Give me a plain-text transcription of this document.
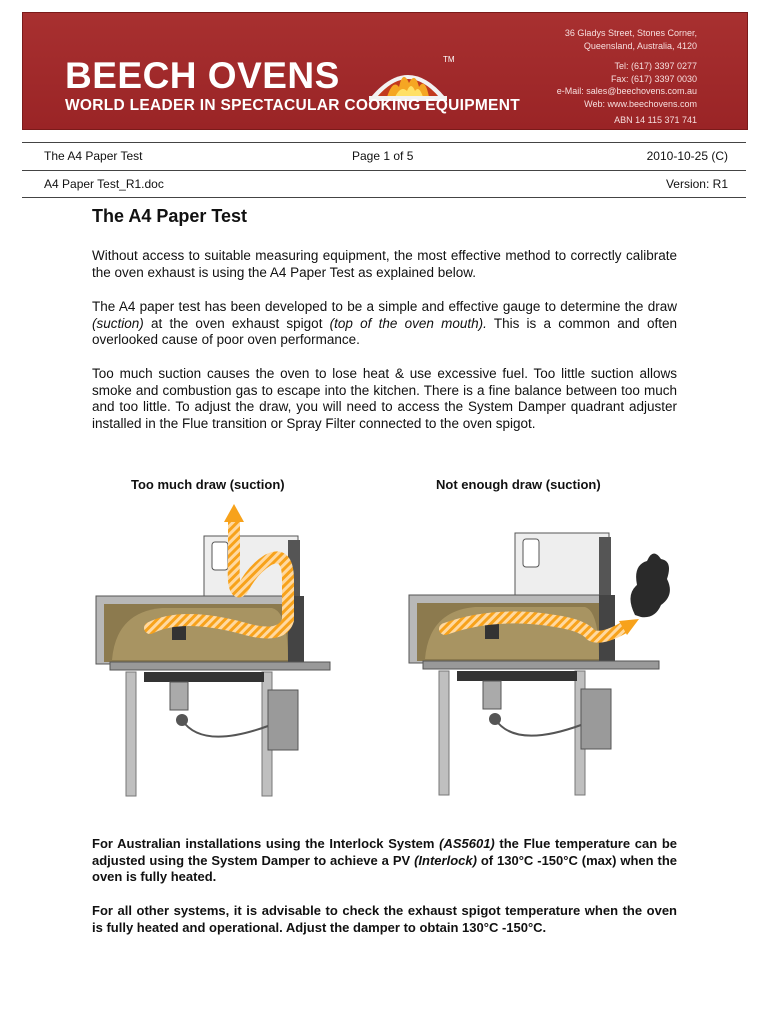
BEECH OVENS	TM
WORLD LEADER IN SPECTACULAR COOKING EQUIPMENT
36 Gladys Street, Stones Corner,
Queensland, Australia, 4120
Tel: (617) 3397 0277
Fax: (617) 3397 0030
e-Mail: sales@beechovens.com.au
Web: www.beechovens.com
ABN 14 115 371 741
The A4 Paper Test	Page 1 of 5	2010-10-25 (C)
A4 Paper Test_R1.doc	Version: R1
The A4 Paper Test

Without access to suitable measuring equipment, the most effective method to correctly calibrate the oven exhaust is using the A4 Paper Test as explained below.

The A4 paper test has been developed to be a simple and effective gauge to determine the draw (suction) at the oven exhaust spigot (top of the oven mouth). This is a common and often overlooked cause of poor oven performance.

Too much suction causes the oven to lose heat & use excessive fuel. Too little suction allows smoke and combustion gas to escape into the kitchen. There is a fine balance between too much and too little. To adjust the draw, you will need to access the System Damper quadrant adjuster installed in the Flue transition or Spray Filter connected to the oven spigot.

Too much draw (suction)	Not enough draw (suction)

For Australian installations using the Interlock System (AS5601) the Flue temperature can be adjusted using the System Damper to achieve a PV (Interlock) of 130°C -150°C (max) when the oven is fully heated.

For all other systems, it is advisable to check the exhaust spigot temperature when the oven is fully heated and operational. Adjust the damper to obtain 130°C -150°C.
